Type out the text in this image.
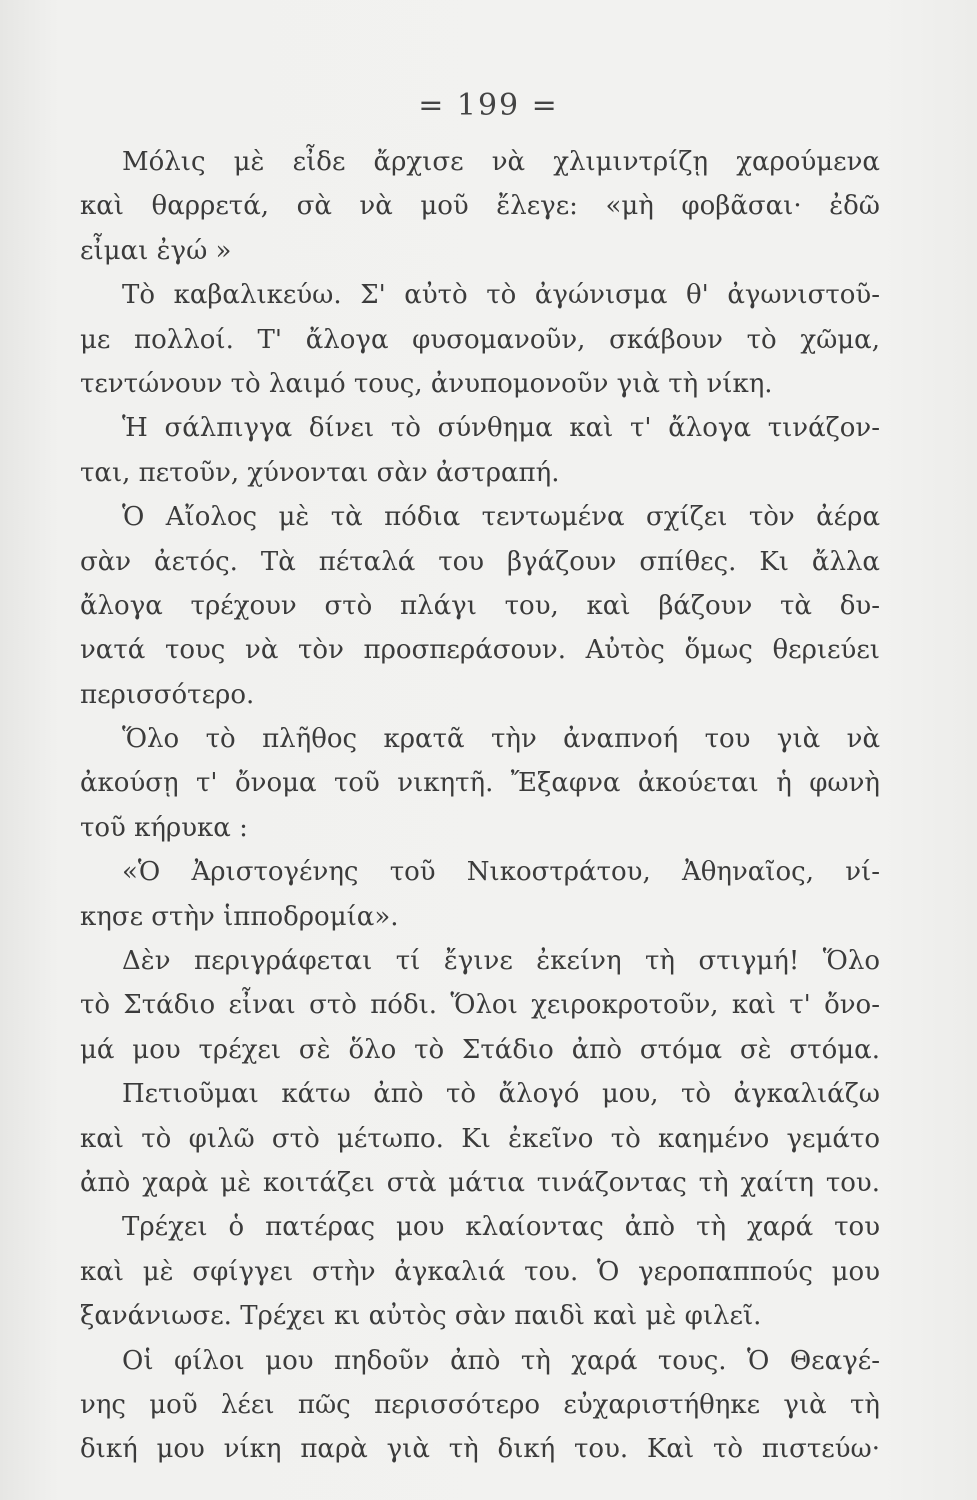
= 199 =
Μόλις μὲ εἶδε ἄρχισε νὰ χλιμιντρίζῃ χαρούμενα
καὶ θαρρετά, σὰ νὰ μοῦ ἔλεγε: «μὴ φοβᾶσαι· ἐδῶ
εἶμαι ἐγώ »
Τὸ καβαλικεύω. Σ' αὐτὸ τὸ ἀγώνισμα θ' ἀγωνιστοῦ-
με πολλοί. Τ' ἄλογα φυσομανοῦν, σκάβουν τὸ χῶμα,
τεντώνουν τὸ λαιμό τους, ἀνυπομονοῦν γιὰ τὴ νίκη.
Ἡ σάλπιγγα δίνει τὸ σύνθημα καὶ τ' ἄλογα τινάζον-
ται, πετοῦν, χύνονται σὰν ἀστραπή.
Ὁ Αἴολος μὲ τὰ πόδια τεντωμένα σχίζει τὸν ἀέρα
σὰν ἀετός. Τὰ πέταλά του βγάζουν σπίθες. Κι ἄλλα
ἄλογα τρέχουν στὸ πλάγι του, καὶ βάζουν τὰ δυ-
νατά τους νὰ τὸν προσπεράσουν. Αὐτὸς ὅμως θεριεύει
περισσότερο.
Ὅλο τὸ πλῆθος κρατᾶ τὴν ἀναπνοή του γιὰ νὰ
ἀκούσῃ τ' ὄνομα τοῦ νικητῆ. Ἔξαφνα ἀκούεται ἡ φωνὴ
τοῦ κήρυκα :
«Ὁ Ἀριστογένης τοῦ Νικοστράτου, Ἀθηναῖος, νί-
κησε στὴν ἱπποδρομία».
Δὲν περιγράφεται τί ἔγινε ἐκείνη τὴ στιγμή! Ὅλο
τὸ Στάδιο εἶναι στὸ πόδι. Ὅλοι χειροκροτοῦν, καὶ τ' ὄνο-
μά μου τρέχει σὲ ὅλο τὸ Στάδιο ἀπὸ στόμα σὲ στόμα.
Πετιοῦμαι κάτω ἀπὸ τὸ ἄλογό μου, τὸ ἀγκαλιάζω
καὶ τὸ φιλῶ στὸ μέτωπο. Κι ἐκεῖνο τὸ καημένο γεμάτο
ἀπὸ χαρὰ μὲ κοιτάζει στὰ μάτια τινάζοντας τὴ χαίτη του.
Τρέχει ὁ πατέρας μου κλαίοντας ἀπὸ τὴ χαρά του
καὶ μὲ σφίγγει στὴν ἀγκαλιά του. Ὁ γεροπαππούς μου
ξανάνιωσε. Τρέχει κι αὐτὸς σὰν παιδὶ καὶ μὲ φιλεῖ.
Οἱ φίλοι μου πηδοῦν ἀπὸ τὴ χαρά τους. Ὁ Θεαγέ-
νης μοῦ λέει πῶς περισσότερο εὐχαριστήθηκε γιὰ τὴ
δική μου νίκη παρὰ γιὰ τὴ δική του. Καὶ τὸ πιστεύω·
